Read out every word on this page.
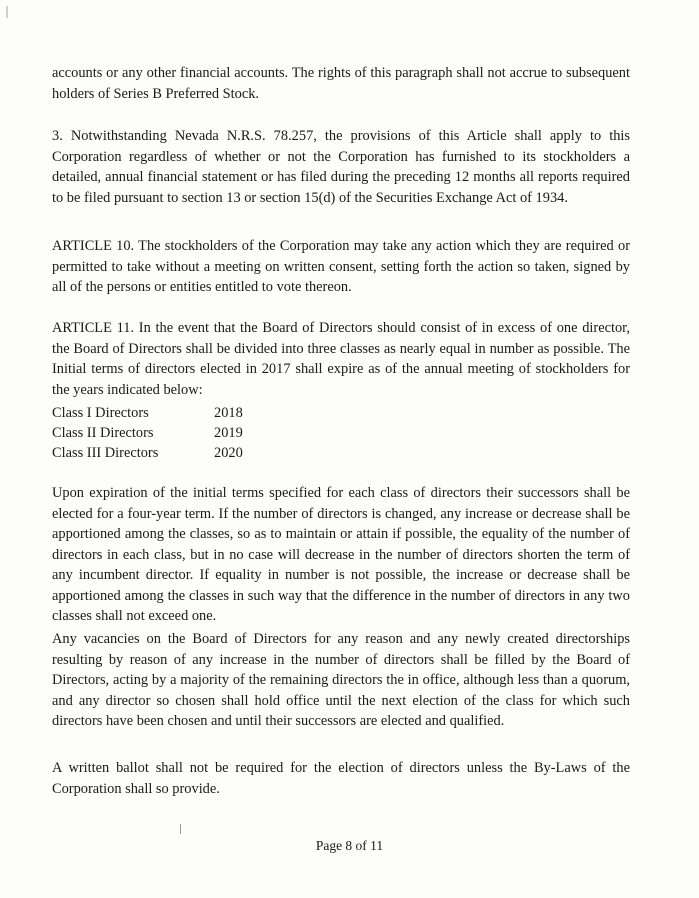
accounts or any other financial accounts. The rights of this paragraph shall not accrue to subsequent holders of Series B Preferred Stock.

3. Notwithstanding Nevada N.R.S. 78.257, the provisions of this Article shall apply to this Corporation regardless of whether or not the Corporation has furnished to its stockholders a detailed, annual financial statement or has filed during the preceding 12 months all reports required to be filed pursuant to section 13 or section 15(d) of the Securities Exchange Act of 1934.

ARTICLE 10. The stockholders of the Corporation may take any action which they are required or permitted to take without a meeting on written consent, setting forth the action so taken, signed by all of the persons or entities entitled to vote thereon.

ARTICLE 11. In the event that the Board of Directors should consist of in excess of one director, the Board of Directors shall be divided into three classes as nearly equal in number as possible. The Initial terms of directors elected in 2017 shall expire as of the annual meeting of stockholders for the years indicated below:

Class I Directors	2018
Class II Directors	2019
Class III Directors	2020

Upon expiration of the initial terms specified for each class of directors their successors shall be elected for a four-year term. If the number of directors is changed, any increase or decrease shall be apportioned among the classes, so as to maintain or attain if possible, the equality of the number of directors in each class, but in no case will decrease in the number of directors shorten the term of any incumbent director. If equality in number is not possible, the increase or decrease shall be apportioned among the classes in such way that the difference in the number of directors in any two classes shall not exceed one.

Any vacancies on the Board of Directors for any reason and any newly created directorships resulting by reason of any increase in the number of directors shall be filled by the Board of Directors, acting by a majority of the remaining directors the in office, although less than a quorum, and any director so chosen shall hold office until the next election of the class for which such directors have been chosen and until their successors are elected and qualified.

A written ballot shall not be required for the election of directors unless the By-Laws of the Corporation shall so provide.

Page 8 of 11
